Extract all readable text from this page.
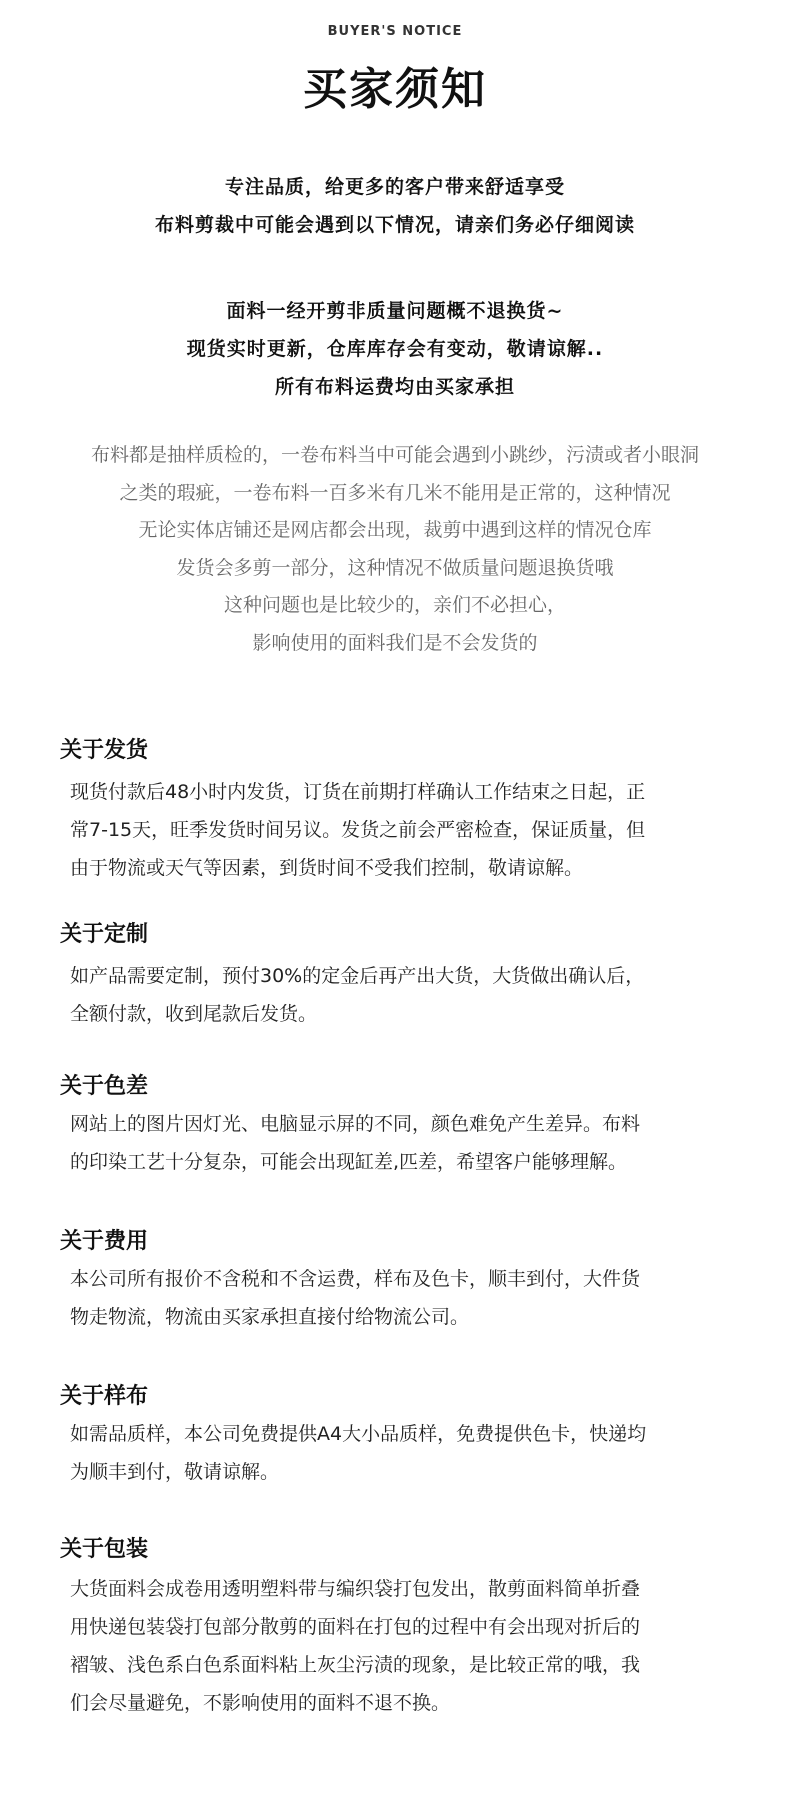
BUYER'S NOTICE
买家须知
专注品质，给更多的客户带来舒适享受
布料剪裁中可能会遇到以下情况，请亲们务必仔细阅读
面料一经开剪非质量问题概不退换货~
现货实时更新，仓库库存会有变动，敬请谅解..
所有布料运费均由买家承担
布料都是抽样质检的，一卷布料当中可能会遇到小跳纱，污渍或者小眼洞
之类的瑕疵，一卷布料一百多米有几米不能用是正常的，这种情况
无论实体店铺还是网店都会出现，裁剪中遇到这样的情况仓库
发货会多剪一部分，这种情况不做质量问题退换货哦
这种问题也是比较少的，亲们不必担心，
影响使用的面料我们是不会发货的
关于发货
现货付款后48小时内发货，订货在前期打样确认工作结束之日起，正
常7-15天，旺季发货时间另议。发货之前会严密检查，保证质量，但
由于物流或天气等因素，到货时间不受我们控制，敬请谅解。
关于定制
如产品需要定制，预付30%的定金后再产出大货，大货做出确认后，
全额付款，收到尾款后发货。
关于色差
网站上的图片因灯光、电脑显示屏的不同，颜色难免产生差异。布料
的印染工艺十分复杂，可能会出现缸差,匹差，希望客户能够理解。
关于费用
本公司所有报价不含税和不含运费，样布及色卡，顺丰到付，大件货
物走物流，物流由买家承担直接付给物流公司。
关于样布
如需品质样，本公司免费提供A4大小品质样，免费提供色卡，快递均
为顺丰到付，敬请谅解。
关于包装
大货面料会成卷用透明塑料带与编织袋打包发出，散剪面料简单折叠
用快递包装袋打包部分散剪的面料在打包的过程中有会出现对折后的
褶皱、浅色系白色系面料粘上灰尘污渍的现象，是比较正常的哦，我
们会尽量避免，不影响使用的面料不退不换。
